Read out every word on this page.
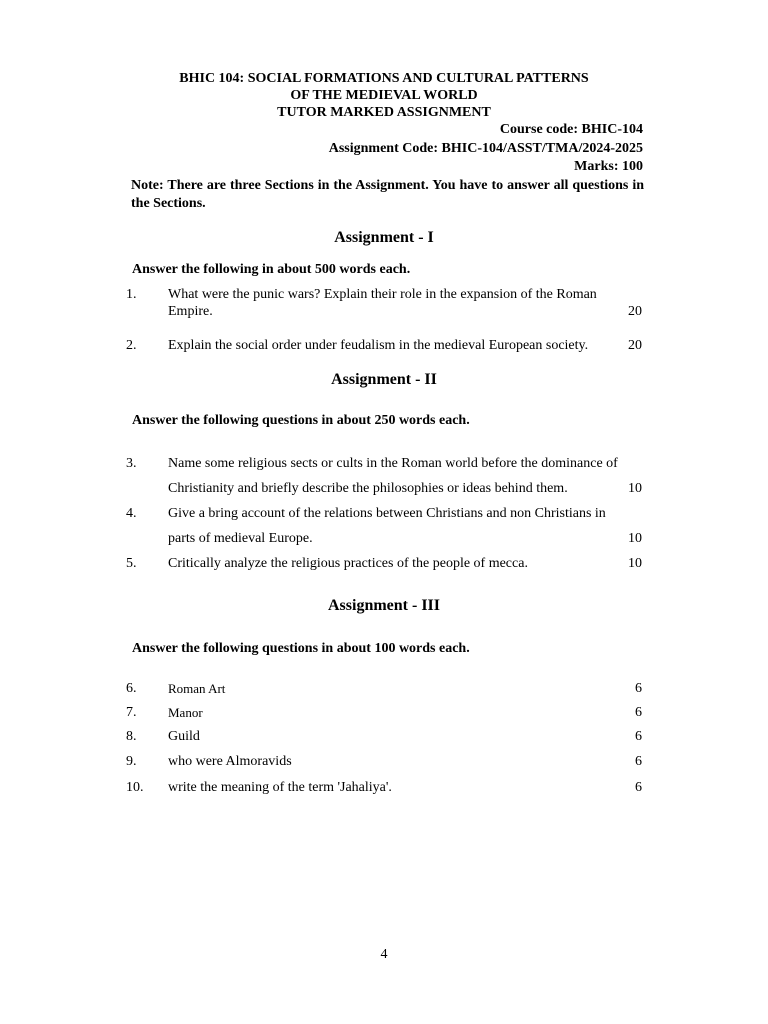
BHIC 104: SOCIAL FORMATIONS AND CULTURAL PATTERNS
OF THE MEDIEVAL WORLD
TUTOR MARKED ASSIGNMENT
Course code: BHIC-104
Assignment Code: BHIC-104/ASST/TMA/2024-2025
Marks: 100
Note: There are three Sections in the Assignment. You have to answer all questions in the Sections.
Assignment - I
Answer the following in about 500 words each.
1. What were the punic wars? Explain their role in the expansion of the Roman
Empire.	20
2. Explain the social order under feudalism in the medieval European society.	20
Assignment - II
Answer the following questions in about 250 words each.
3. Name some religious sects or cults in the Roman world before the dominance of
Christianity and briefly describe the philosophies or ideas behind them.	10
4. Give a bring account of the relations between Christians and non Christians in
parts of medieval Europe.	10
5. Critically analyze the religious practices of the people of mecca.	10
Assignment - III
Answer the following questions in about 100 words each.
6. Roman Art	6
7. Manor	6
8. Guild	6
9. who were Almoravids	6
10. write the meaning of the term 'Jahaliya'.	6
4
